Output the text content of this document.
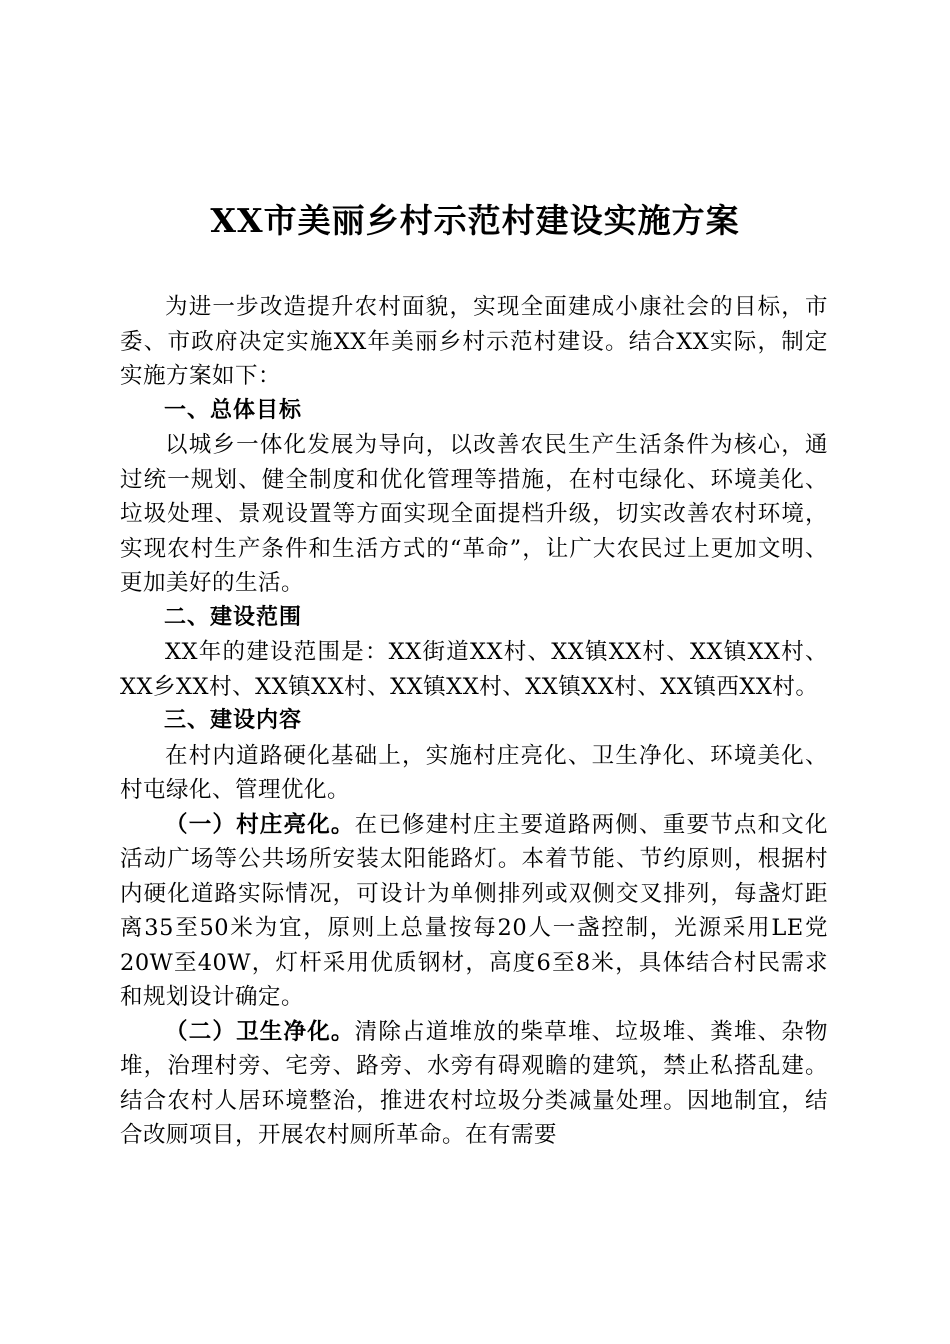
XX市美丽乡村示范村建设实施方案

为进一步改造提升农村面貌，实现全面建成小康社会的目标，市委、市政府决定实施XX年美丽乡村示范村建设。结合XX实际，制定实施方案如下：

一、总体目标

以城乡一体化发展为导向，以改善农民生产生活条件为核心，通过统一规划、健全制度和优化管理等措施，在村屯绿化、环境美化、垃圾处理、景观设置等方面实现全面提档升级，切实改善农村环境，实现农村生产条件和生活方式的“革命”，让广大农民过上更加文明、更加美好的生活。

二、建设范围

XX年的建设范围是：XX街道XX村、XX镇XX村、XX镇XX村、XX乡XX村、XX镇XX村、XX镇XX村、XX镇XX村、XX镇西XX村。

三、建设内容

在村内道路硬化基础上，实施村庄亮化、卫生净化、环境美化、村屯绿化、管理优化。

（一）村庄亮化。在已修建村庄主要道路两侧、重要节点和文化活动广场等公共场所安装太阳能路灯。本着节能、节约原则，根据村内硬化道路实际情况，可设计为单侧排列或双侧交叉排列，每盏灯距离35至50米为宜，原则上总量按每20人一盏控制，光源采用LE党20W至40W，灯杆采用优质钢材，高度6至8米，具体结合村民需求和规划设计确定。

（二）卫生净化。清除占道堆放的柴草堆、垃圾堆、粪堆、杂物堆，治理村旁、宅旁、路旁、水旁有碍观瞻的建筑，禁止私搭乱建。结合农村人居环境整治，推进农村垃圾分类减量处理。因地制宜，结合改厕项目，开展农村厕所革命。在有需要
